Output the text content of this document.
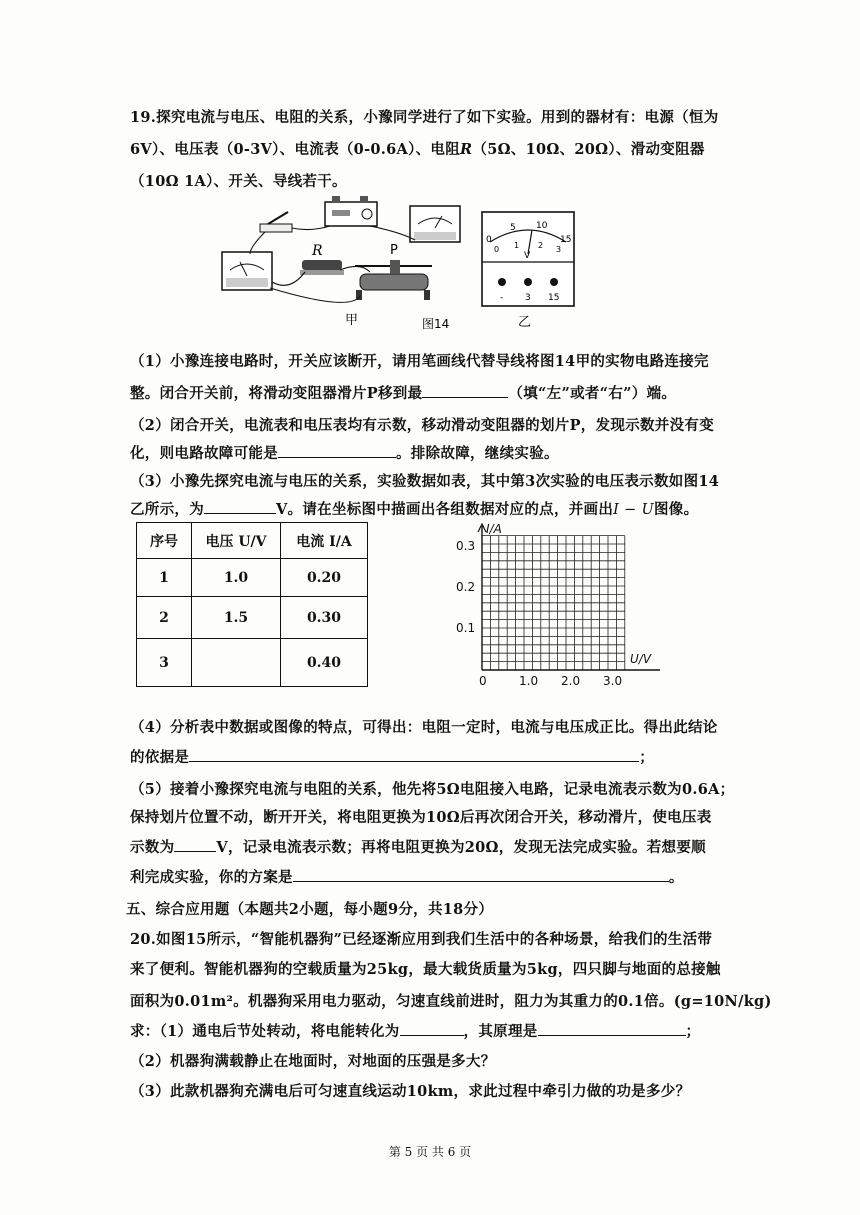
19.探究电流与电压、电阻的关系，小豫同学进行了如下实验。用到的器材有：电源（恒为
6V）、电压表（0-3V）、电流表（0-0.6A）、电阻R（5Ω、10Ω、20Ω）、滑动变阻器
（10Ω 1A）、开关、导线若干。
R	P
甲	图14
5 10
0	15
0 1 2 3
V
- 3 15
乙
（1）小豫连接电路时，开关应该断开，请用笔画线代替导线将图14甲的实物电路连接完
整。闭合开关前，将滑动变阻器滑片P移到最	（填“左”或者“右”）端。
（2）闭合开关，电流表和电压表均有示数，移动滑动变阻器的划片P，发现示数并没有变
化，则电路故障可能是	。排除故障，继续实验。
（3）小豫先探究电流与电压的关系，实验数据如表，其中第3次实验的电压表示数如图14
乙所示，为	V。请在坐标图中描画出各组数据对应的点，并画出I − U图像。
序号	电压 U/V	电流 I/A
1	1.0	0.20
2	1.5	0.30
3		0.40
I/A
U/V
0.3
0.2
0.1
0	1.0 2.0 3.0
（4）分析表中数据或图像的特点，可得出：电阻一定时，电流与电压成正比。得出此结论
的依据是	；
（5）接着小豫探究电流与电阻的关系，他先将5Ω电阻接入电路，记录电流表示数为0.6A；
保持划片位置不动，断开开关，将电阻更换为10Ω后再次闭合开关，移动滑片，使电压表
示数为	V，记录电流表示数；再将电阻更换为20Ω，发现无法完成实验。若想要顺
利完成实验，你的方案是	。
五、综合应用题（本题共2小题，每小题9分，共18分）
20.如图15所示，“智能机器狗”已经逐渐应用到我们生活中的各种场景，给我们的生活带
来了便利。智能机器狗的空载质量为25kg，最大载货质量为5kg，四只脚与地面的总接触
面积为0.01m²。机器狗采用电力驱动，匀速直线前进时，阻力为其重力的0.1倍。(g=10N/kg)
求：（1）通电后节处转动，将电能转化为	，其原理是	；
（2）机器狗满载静止在地面时，对地面的压强是多大？
（3）此款机器狗充满电后可匀速直线运动10km，求此过程中牵引力做的功是多少？
第 5 页 共 6 页
